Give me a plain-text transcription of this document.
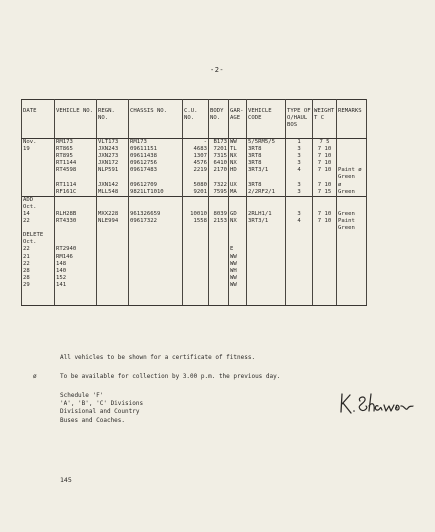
-2-
DATE	VEHICLE NO.	REGN. NO.	CHASSIS NO.	C.U. NO.	BODY NO.	GAR-AGE	VEHICLE CODE	TYPE OF O/HAUL BOS	WEIGHT T C	REMARKS
Nov.	RM173	VLT173	RM173	-	B173	WW	5/5RM5/5	1	7 5	
19	RT865	JXN243	09611151	4683	7201	TL	3RT8	3	7 10	
	RT895	JXN273	09611438	1307	7315	NX	3RT8	3	7 10	
	RT1144	JXN172	09612756	4576	6410	NX	3RT8	3	7 10	
	RT4598	NLP591	09617483	2219	2170	HD	3RT3/1	4	7 10	Paint ø
										Green
	RT1114	JXN142	09612709	5080	7322	UX	3RT8	3	7 10	ø
	RF161C	MLL548	9821LT1010	9201	7595	MA	2/2RF2/1	3	7 15	Green
ADD										
Oct.										
14	RLH28B	MXX228	961326659	10010	8039	GD	2RLH1/1	3	7 10	Green
22	RT4330	NLE994	09617322	1558	2153	NX	3RT3/1	4	7 10	Paint
										Green
DELETE										
Oct.										
22	RT2940					E				
21	RM146					WW				
22	148					WW				
28	140					WH				
28	152					WW				
29	141					WW				
All vehicles to be shown for a certificate of fitness.
ø	To be available for collection by 3.00 p.m. the previous day.
Schedule 'F'
'A', 'B', 'C' Divisions
Divisional and Country
Buses and Coaches.
145
